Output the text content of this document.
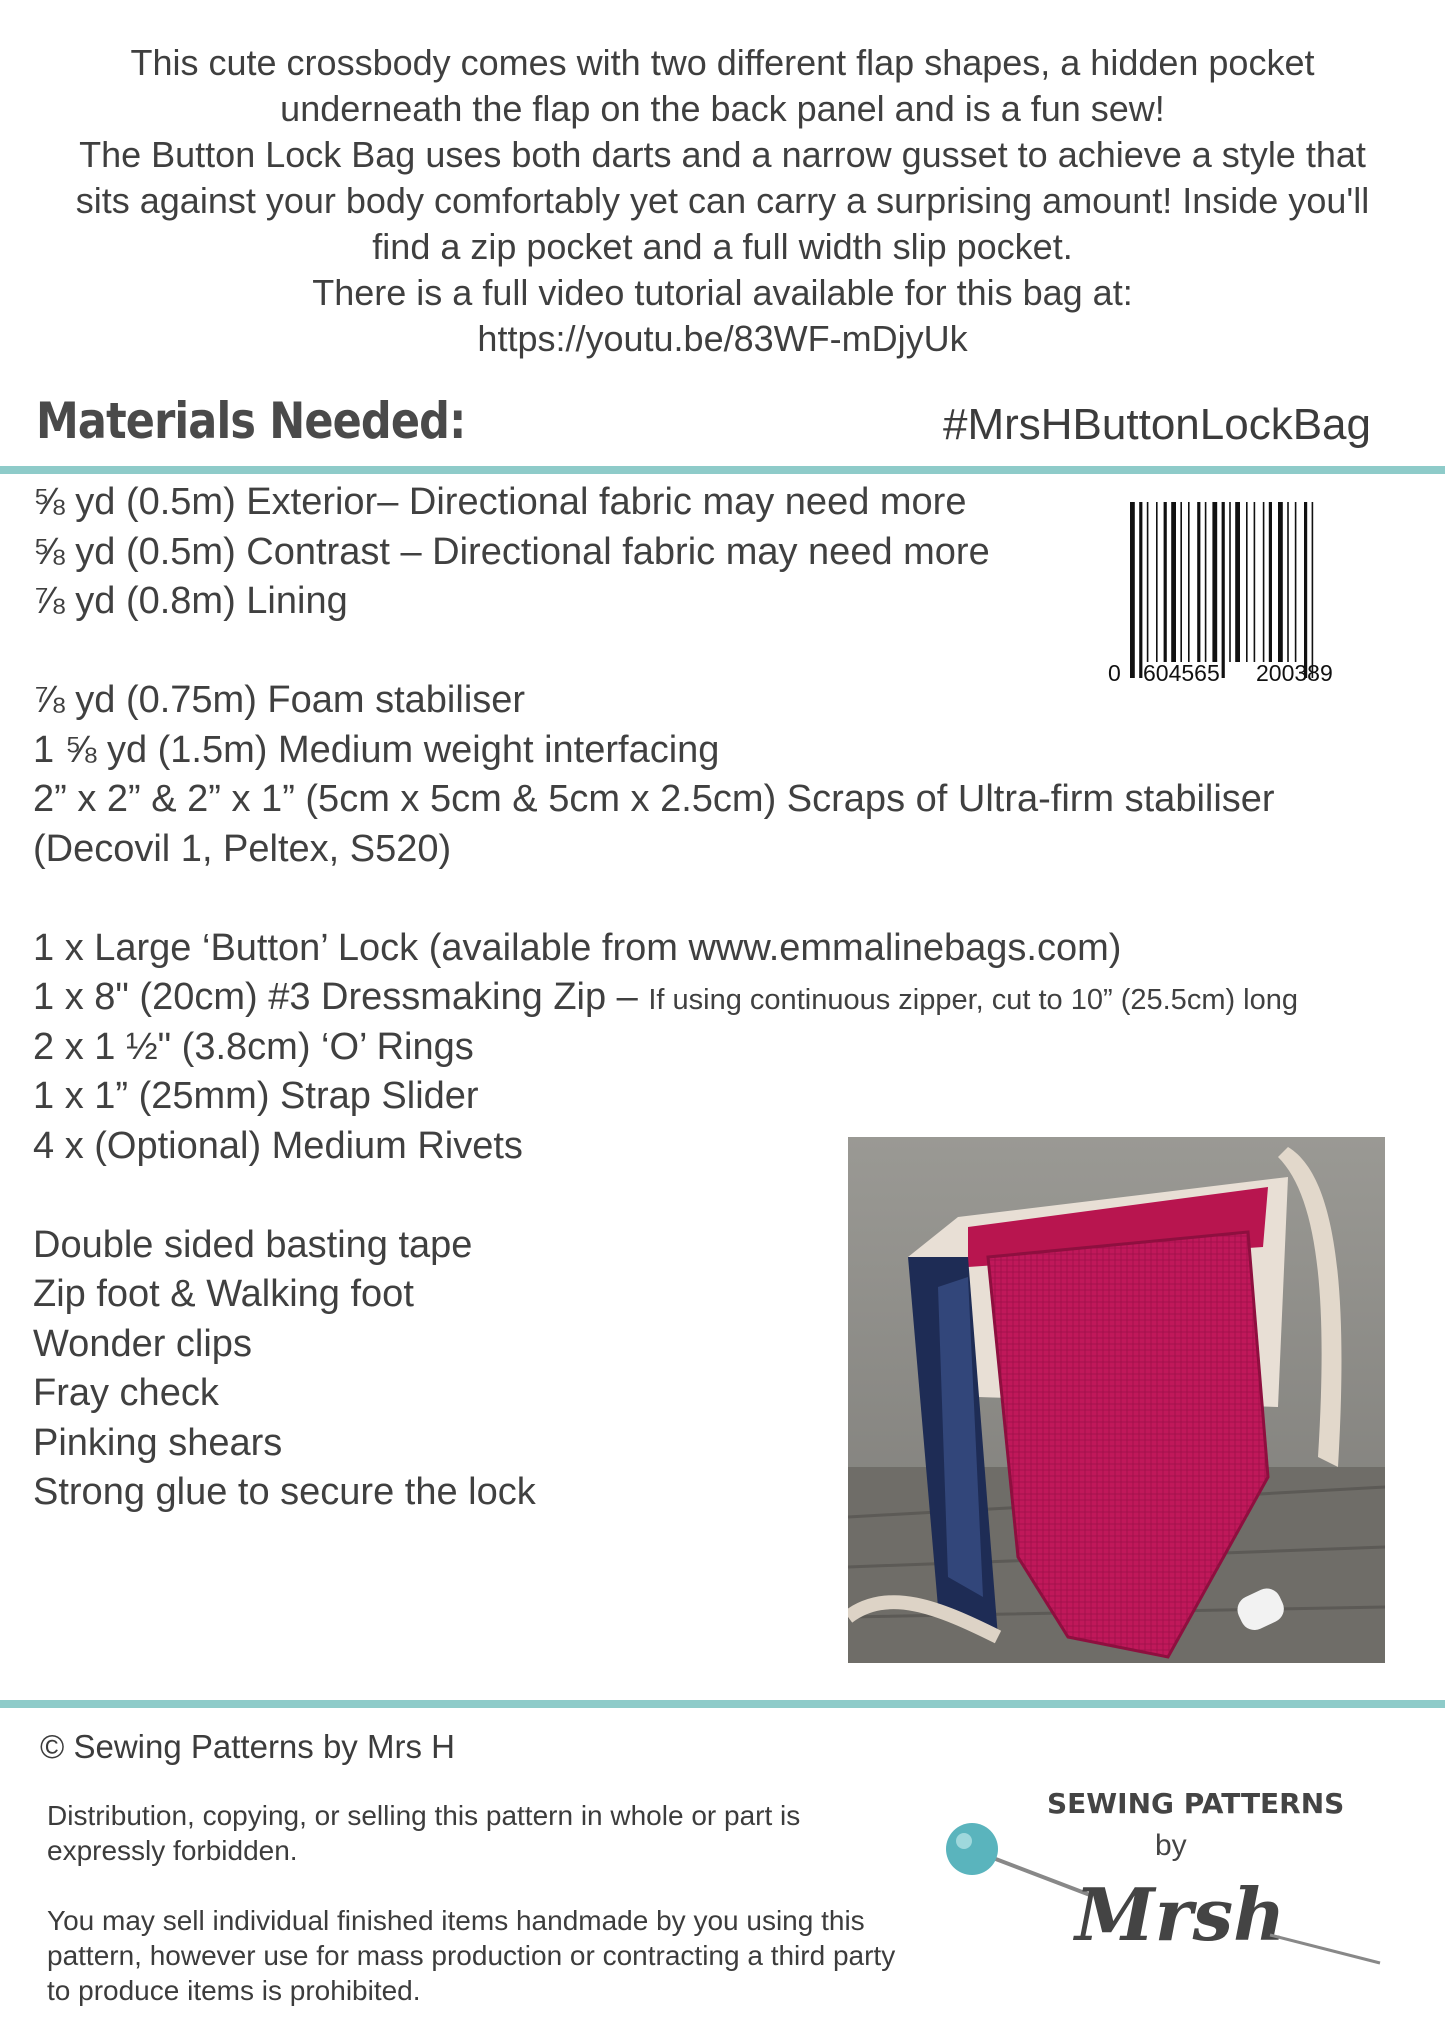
This cute crossbody comes with two different flap shapes, a hidden pocket
underneath the flap on the back panel and is a fun sew!
The Button Lock Bag uses both darts and a narrow gusset to achieve a style that
sits against your body comfortably yet can carry a surprising amount! Inside you'll
find a zip pocket and a full width slip pocket.
There is a full video tutorial available for this bag at:
https://youtu.be/83WF-mDjyUk
Materials Needed:	#MrsHButtonLockBag
⅝ yd (0.5m) Exterior– Directional fabric may need more
⅝ yd (0.5m) Contrast – Directional fabric may need more
⅞ yd (0.8m) Lining
⅞ yd (0.75m) Foam stabiliser
1 ⅝ yd (1.5m) Medium weight interfacing
2” x 2” & 2” x 1” (5cm x 5cm & 5cm x 2.5cm) Scraps of Ultra-firm stabiliser
(Decovil 1, Peltex, S520)
1 x Large ‘Button’ Lock (available from www.emmalinebags.com)
1 x 8" (20cm) #3 Dressmaking Zip – If using continuous zipper, cut to 10” (25.5cm) long
2 x 1 ½" (3.8cm) ‘O’ Rings
1 x 1” (25mm) Strap Slider
4 x (Optional) Medium Rivets
Double sided basting tape
Zip foot & Walking foot
Wonder clips
Fray check
Pinking shears
Strong glue to secure the lock
0 604565 200389
© Sewing Patterns by Mrs H

Distribution, copying, or selling this pattern in whole or part is expressly forbidden.

You may sell individual finished items handmade by you using this pattern, however use for mass production or contracting a third party to produce items is prohibited.

SEWING PATTERNS
by
Mrsh
